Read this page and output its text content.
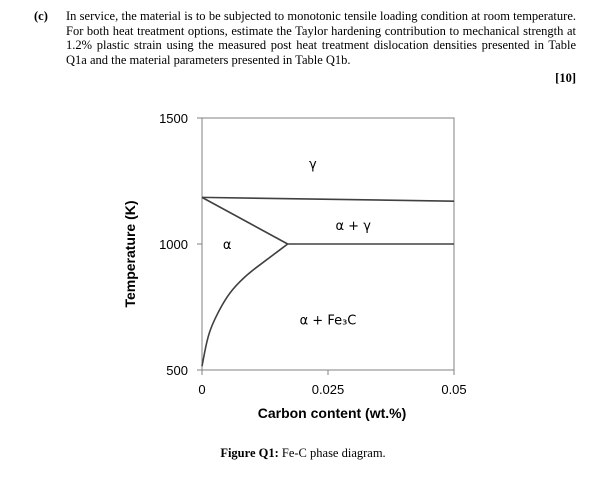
(c) In service, the material is to be subjected to monotonic tensile loading condition at room temperature. For both heat treatment options, estimate the Taylor hardening contribution to mechanical strength at 1.2% plastic strain using the measured post heat treatment dislocation densities presented in Table Q1a and the material parameters presented in Table Q1b.
[10]
500
1000
1500
0	0.025	0.05
γ
α + γ
α
α + Fe₃C
Carbon content (wt.%)
Temperature (K)
Figure Q1: Fe-C phase diagram.
